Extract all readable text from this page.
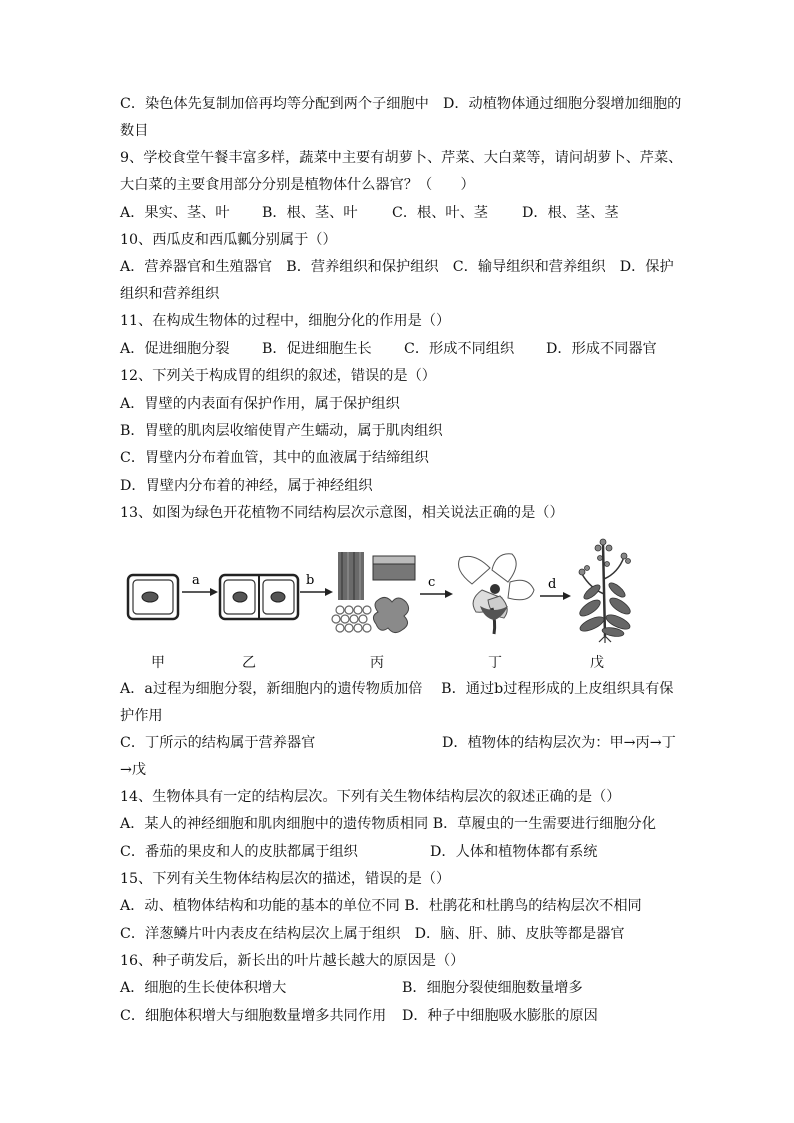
C．染色体先复制加倍再均等分配到两个子细胞中　D．动植物体通过细胞分裂增加细胞的
数目
9、学校食堂午餐丰富多样，蔬菜中主要有胡萝卜、芹菜、大白菜等，请问胡萝卜、芹菜、
大白菜的主要食用部分分别是植物体什么器官？（　　）
10、西瓜皮和西瓜瓤分别属于（）
A．营养器官和生殖器官　B．营养组织和保护组织　C．输导组织和营养组织　D．保护
组织和营养组织
11、在构成生物体的过程中，细胞分化的作用是（）
12、下列关于构成胃的组织的叙述，错误的是（）
A．胃壁的内表面有保护作用，属于保护组织
B．胃壁的肌肉层收缩使胃产生蠕动，属于肌肉组织
C．胃壁内分布着血管，其中的血液属于结缔组织
D．胃壁内分布着的神经，属于神经组织
13、如图为绿色开花植物不同结构层次示意图，相关说法正确的是（）
A．a过程为细胞分裂，新细胞内的遗传物质加倍　 B．通过b过程形成的上皮组织具有保
护作用
→戊
14、生物体具有一定的结构层次。下列有关生物体结构层次的叙述正确的是（）
A．某人的神经细胞和肌肉细胞中的遗传物质相同 B．草履虫的一生需要进行细胞分化
15、下列有关生物体结构层次的描述，错误的是（）
A．动、植物体结构和功能的基本的单位不同 B．杜鹃花和杜鹃鸟的结构层次不相同
C．洋葱鳞片叶内表皮在结构层次上属于组织　D．脑、肝、肺、皮肤等都是器官
16、种子萌发后，新长出的叶片越长越大的原因是（）
A．果实、茎、叶 B．根、茎、叶 C．根、叶、茎 D．根、茎、茎
A．促进细胞分裂 B．促进细胞生长 C．形成不同组织 D．形成不同器官
C．丁所示的结构属于营养器官	D．植物体的结构层次为：甲→丙→丁
C．番茄的果皮和人的皮肤都属于组织	D．人体和植物体都有系统
A．细胞的生长使体积增大	B．细胞分裂使细胞数量增多
C．细胞体积增大与细胞数量增多共同作用 D．种子中细胞吸水膨胀的原因
a	b	c	d
甲	乙	丙	丁	戊
